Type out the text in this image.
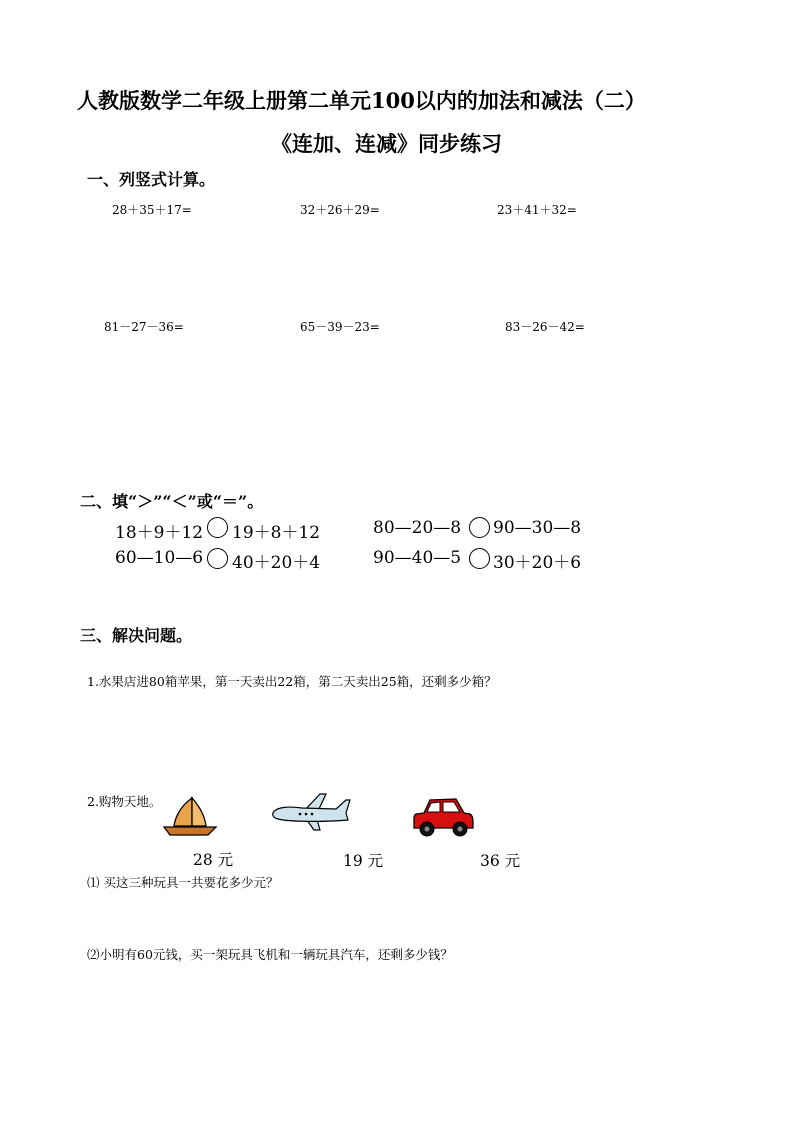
人教版数学二年级上册第二单元100以内的加法和减法（二）
《连加、连减》同步练习
一、列竖式计算。
28＋35＋17=	32＋26＋29=	23＋41＋32=
81－27－36=	65－39－23=	83－26－42=
二、填“＞”“＜”或“＝”。
18＋9＋12 19＋8＋12	80—20—8 90—30—8
60—10—6 40＋20＋4	90—40—5 30＋20＋6
三、解决问题。
1.水果店进80箱苹果，第一天卖出22箱，第二天卖出25箱，还剩多少箱？
2.购物天地。
28 元	19 元	36 元
⑴ 买这三种玩具一共要花多少元？
⑵小明有60元钱，买一架玩具飞机和一辆玩具汽车，还剩多少钱？
